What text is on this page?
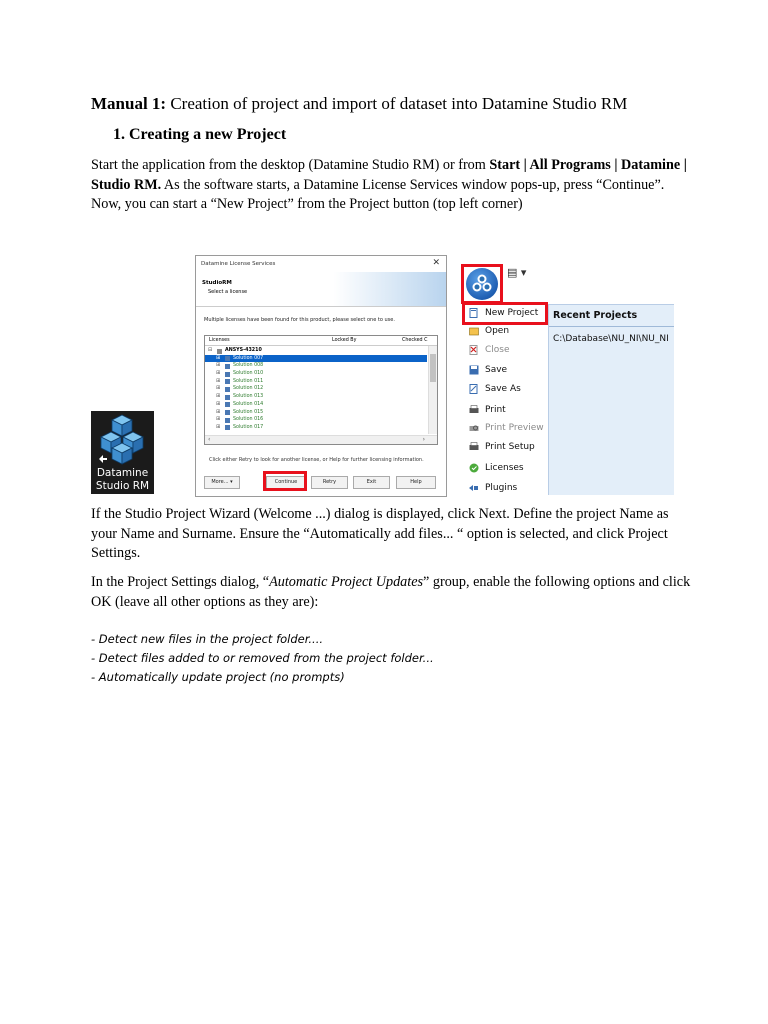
Manual 1: Creation of project and import of dataset into Datamine Studio RM
1. Creating a new Project
Start the application from the desktop (Datamine Studio RM) or from Start | All Programs | Datamine | Studio RM. As the software starts, a Datamine License Services window pops-up, press “Continue”. Now, you can start a “New Project” from the Project button (top left corner)
Datamine
Studio RM
Datamine License Services	✕
StudioRM
Select a license
Multiple licenses have been found for this product, please select one to use.
Licenses	Locked By	Checked C
⊟	ANSYS-43210
⊞	Solution 007
⊞	Solution 008
⊞	Solution 010
⊞	Solution 011
⊞	Solution 012
⊞	Solution 013
⊞	Solution 014
⊞	Solution 015
⊞	Solution 016
⊞	Solution 017
‹	›
Click either Retry to look for another license, or Help for further licensing information.
More... ▾	Continue	Retry	Exit	Help
▤ ▾
Recent Projects
C:\Database\NU_NI\NU_NI
New Project
Open
Close
Save
Save As
Print
Print Preview
Print Setup
Licenses
Plugins
If the Studio Project Wizard (Welcome ...) dialog is displayed, click Next. Define the project Name as your Name and Surname. Ensure the “Automatically add files... “ option is selected, and click Project Settings.
In the Project Settings dialog, “Automatic Project Updates” group, enable the following options and click OK (leave all other options as they are):
- Detect new files in the project folder....
- Detect files added to or removed from the project folder...
- Automatically update project (no prompts)
